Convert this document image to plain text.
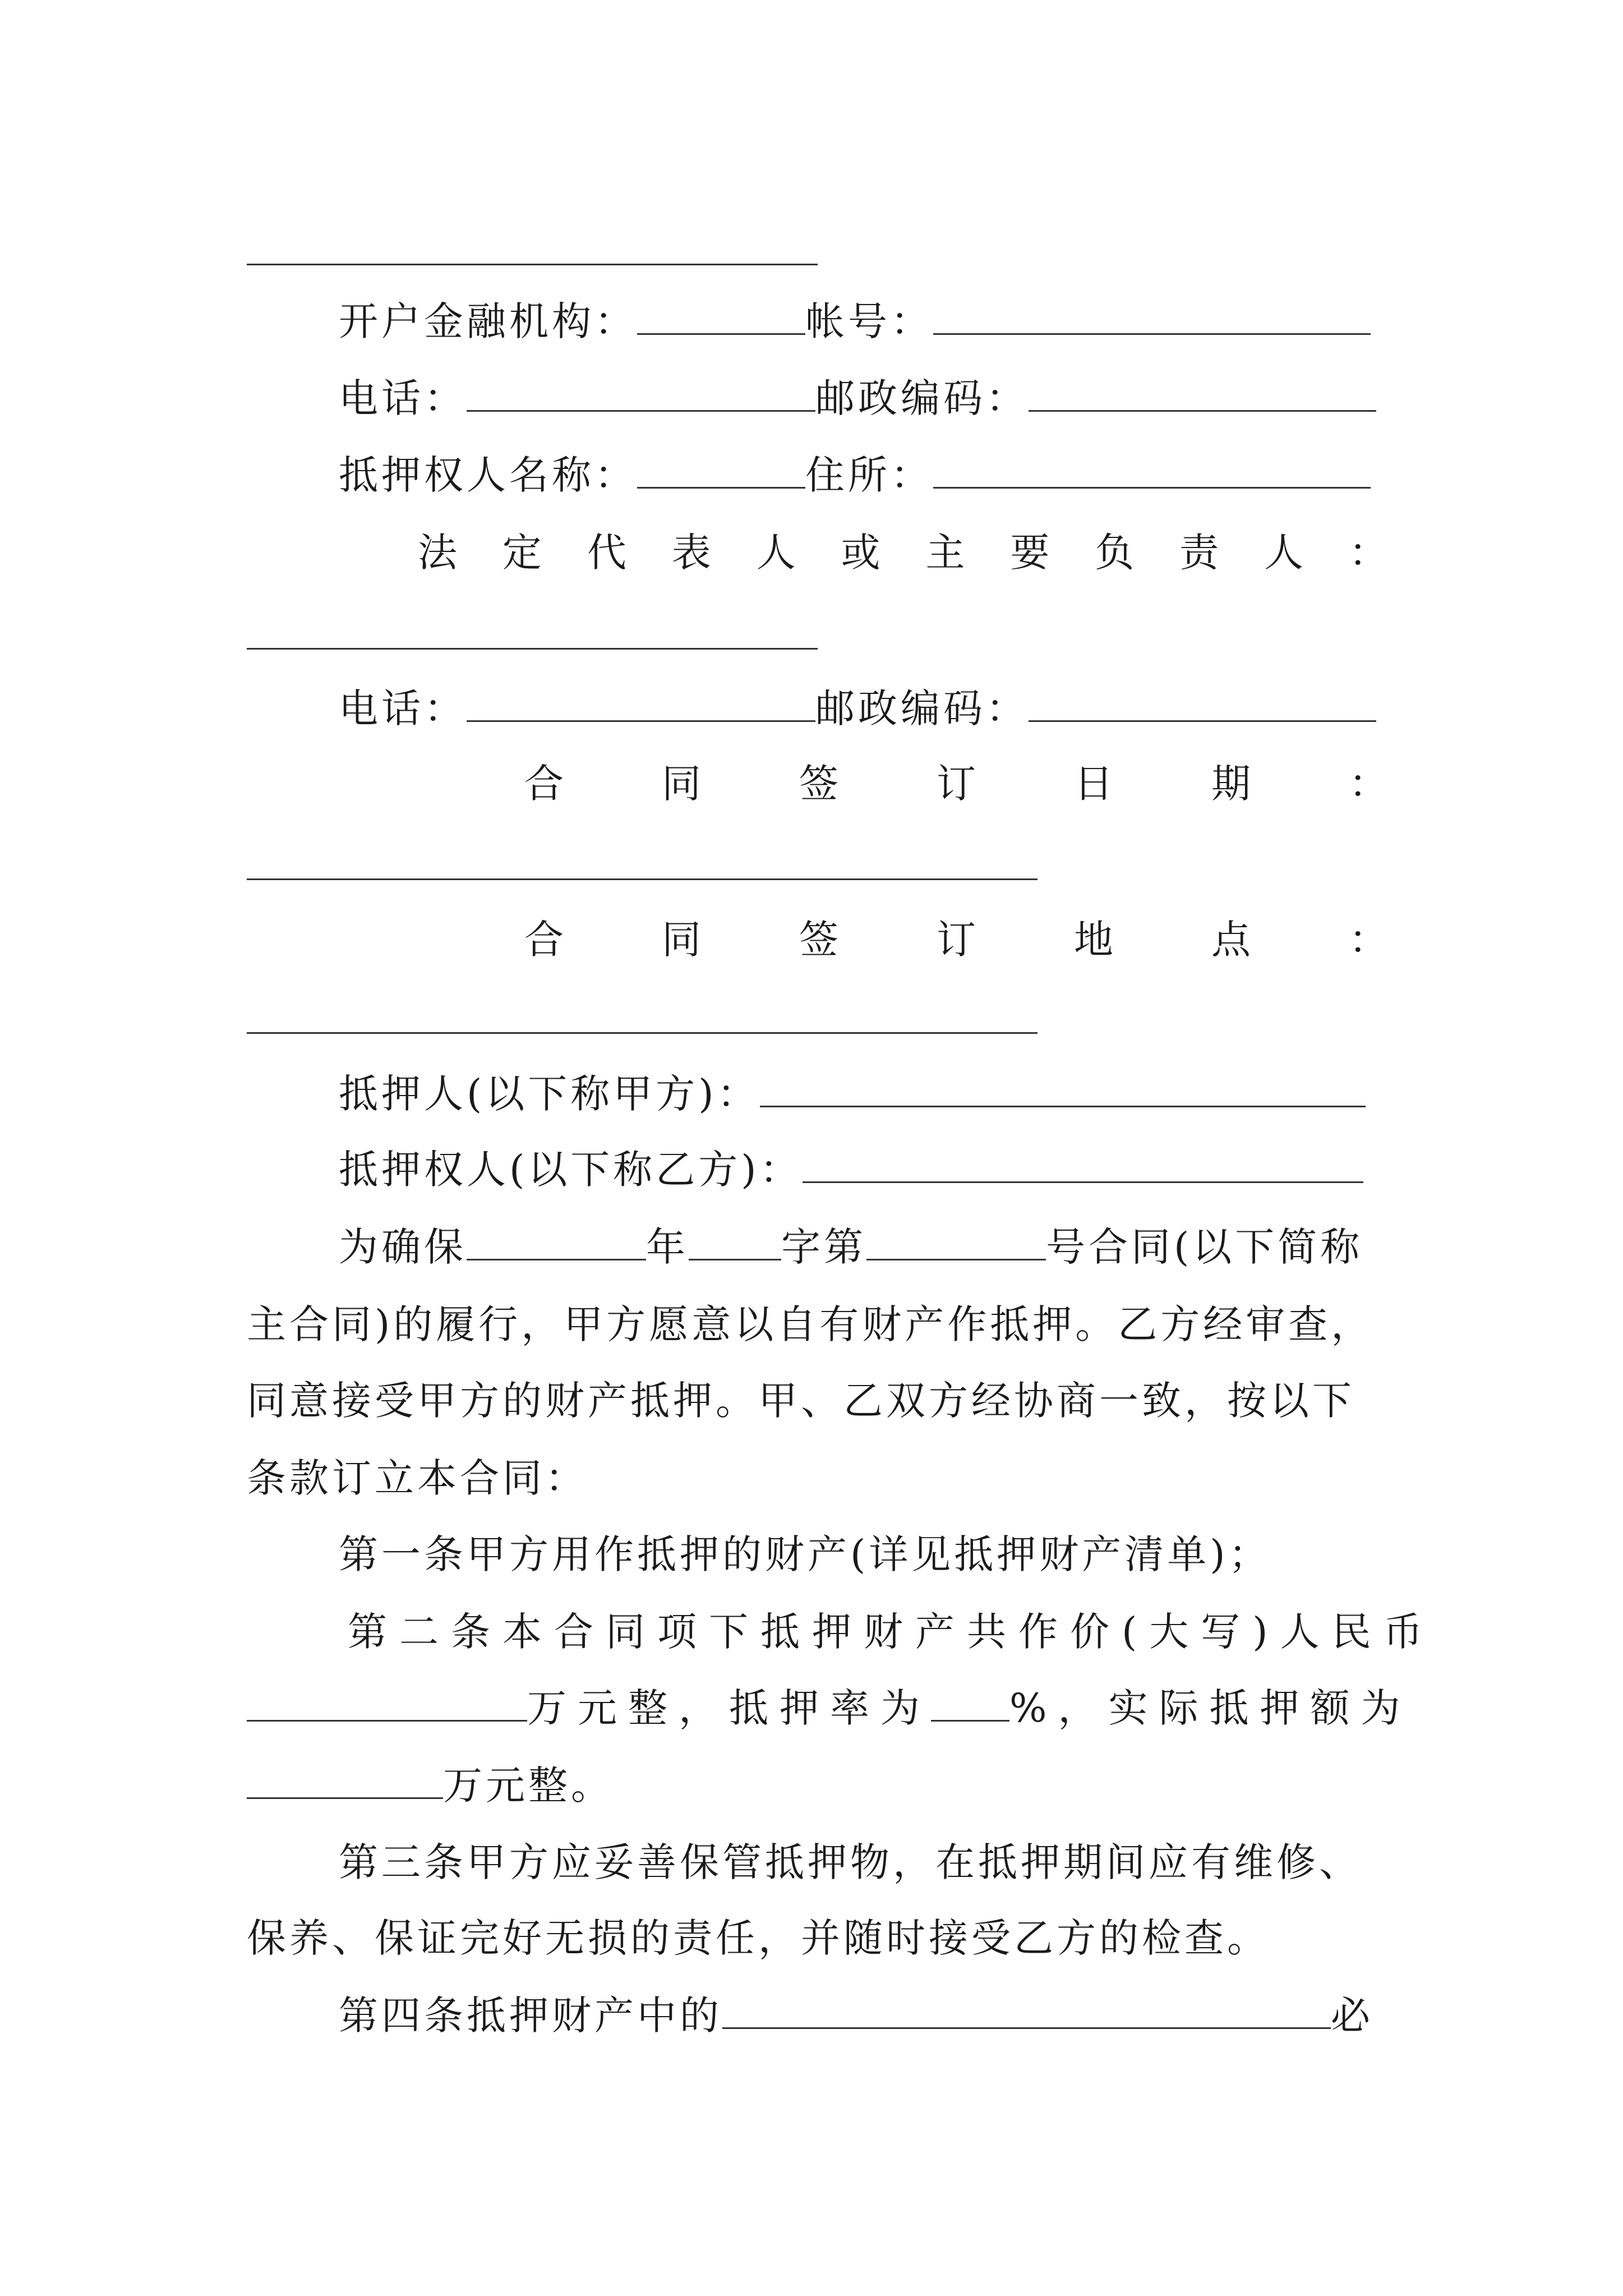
开户金融机构：	帐号：
电话：	邮政编码：
抵押权人名称：	住所：
法 定 代 表 人 或 主 要 负 责 人 ：
电话：	邮政编码：
合	同	签	订	日	期	：
合	同	签	订	地	点	：
抵押人(以下称甲方)：
抵押权人(以下称乙方)：
为确保	年 字第	号合同(以下简称
主合同)的履行，甲方愿意以自有财产作抵押。乙方经审查，
同意接受甲方的财产抵押。甲、乙双方经协商一致，按以下
条款订立本合同：
第一条甲方用作抵押的财产(详见抵押财产清单)；
第二条本合同项下抵押财产共作价(大写)人民币
万元整，抵押率为 %，实际抵押额为
万元整。
第三条甲方应妥善保管抵押物，在抵押期间应有维修、
保养、保证完好无损的责任，并随时接受乙方的检查。
第四条抵押财产中的	必
